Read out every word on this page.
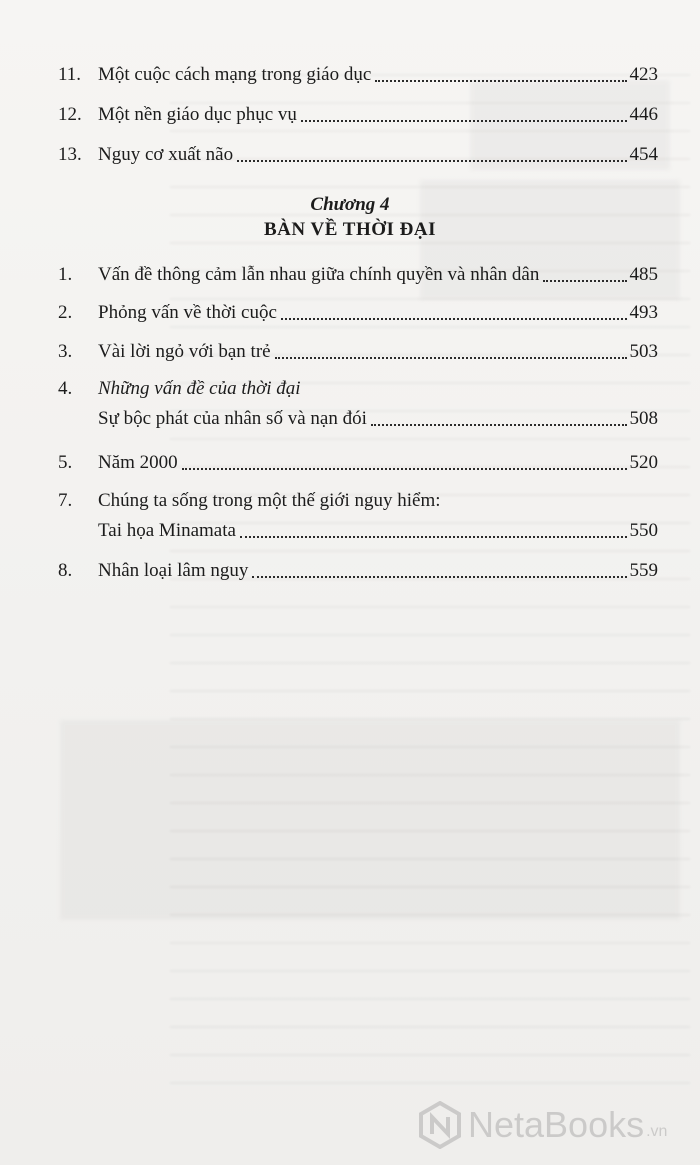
11. Một cuộc cách mạng trong giáo dục	423
12. Một nền giáo dục phục vụ	446
13. Nguy cơ xuất não	454
Chương 4
BÀN VỀ THỜI ĐẠI
1.	Vấn đề thông cảm lẫn nhau giữa chính quyền và nhân dân	485
2.	Phỏng vấn về thời cuộc	493
3.	Vài lời ngỏ với bạn trẻ	503
4.	Những vấn đề của thời đại
Sự bộc phát của nhân số và nạn đói	508
5.	Năm 2000	520
7.	Chúng ta sống trong một thế giới nguy hiểm:
Tai họa Minamata	550
8.	Nhân loại lâm nguy	559
NetaBooks .vn
